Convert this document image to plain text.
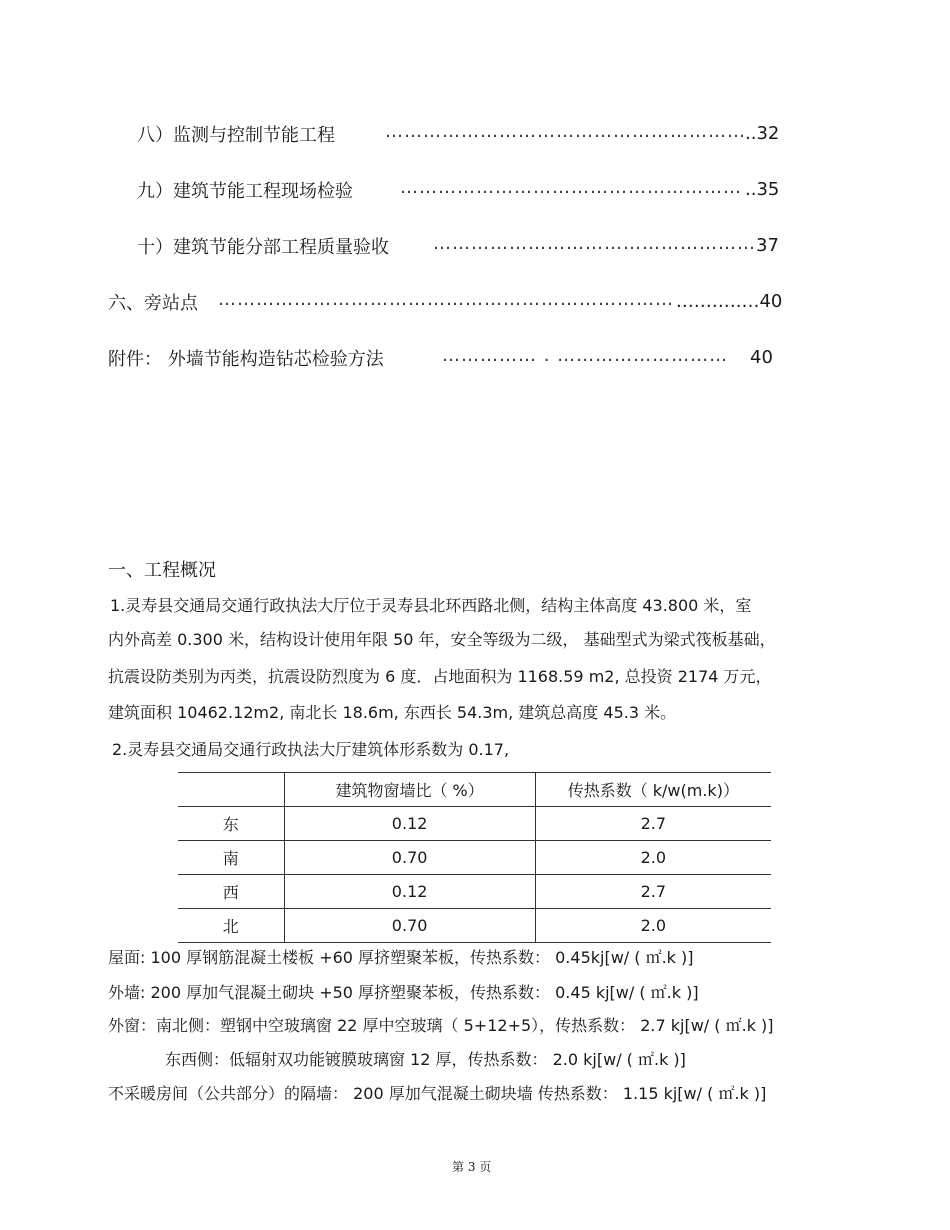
八）监测与控制节能工程	………………………………………………… ..32
九）建筑节能工程现场检验	……………………………………………… ..35
十）建筑节能分部工程质量验收 …………………………………………… 37
六、旁站点 ……………………………………………………………… .……….…40
附件： 外墙节能构造钻芯检验方法	…………… . ……………………… 40
一、工程概况
1.灵寿县交通局交通行政执法大厅位于灵寿县北环西路北侧，结构主体高度 43.800 米，室
内外高差 0.300 米，结构设计使用年限 50 年，安全等级为二级， 基础型式为梁式筏板基础，
抗震设防类别为丙类，抗震设防烈度为 6 度．占地面积为 1168.59 m2, 总投资 2174 万元，
建筑面积 10462.12m2, 南北长 18.6m, 东西长 54.3m, 建筑总高度 45.3 米。
2.灵寿县交通局交通行政执法大厅建筑体形系数为 0.17,
	建筑物窗墙比（ %）	传热系数（ k/w(m.k)）
东	0.12	2.7
南	0.70	2.0
西	0.12	2.7
北	0.70	2.0
屋面: 100 厚钢筋混凝土楼板 +60 厚挤塑聚苯板，传热系数： 0.45kj[w/ ( ㎡.k )]
外墙: 200 厚加气混凝土砌块 +50 厚挤塑聚苯板，传热系数： 0.45 kj[w/ ( ㎡.k )]
外窗：南北侧：塑钢中空玻璃窗 22 厚中空玻璃（ 5+12+5），传热系数： 2.7 kj[w/ ( ㎡.k )]
东西侧：低辐射双功能镀膜玻璃窗 12 厚，传热系数： 2.0 kj[w/ ( ㎡.k )]
不采暖房间（公共部分）的隔墙： 200 厚加气混凝土砌块墙 传热系数： 1.15 kj[w/ ( ㎡.k )]
第 3 页
